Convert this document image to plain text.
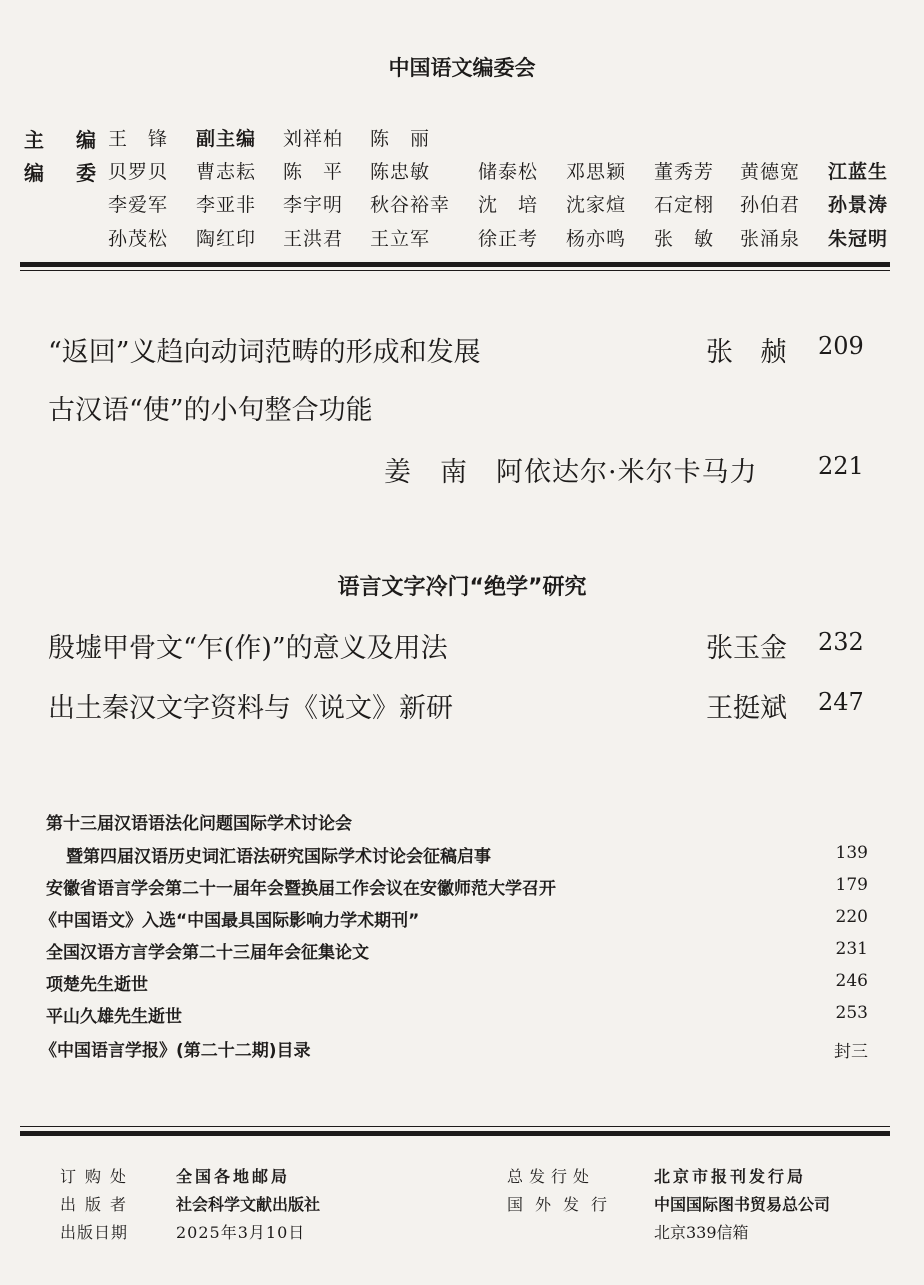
中国语文编委会
主　编 王　锋 副主编 刘祥柏 陈　丽
编　委 贝罗贝 曹志耘 陈　平 陈忠敏	储泰松 邓思颖 董秀芳 黄德宽 江蓝生
李爱军 李亚非 李宇明 秋谷裕幸 沈　培 沈家煊 石定栩 孙伯君 孙景涛
孙茂松 陶红印 王洪君 王立军	徐正考 杨亦鸣 张　敏 张涌泉 朱冠明
“返回”义趋向动词范畴的形成和发展	张　赪 209
古汉语“使”的小句整合功能
姜　南　阿依达尔·米尔卡马力	221
语言文字冷门“绝学”研究
殷墟甲骨文“乍(作)”的意义及用法	张玉金 232
出土秦汉文字资料与《说文》新研	王挺斌 247
第十三届汉语语法化问题国际学术讨论会
暨第四届汉语历史词汇语法研究国际学术讨论会征稿启事	139
安徽省语言学会第二十一届年会暨换届工作会议在安徽师范大学召开	179
《中国语文》入选“中国最具国际影响力学术期刊”	220
全国汉语方言学会第二十三届年会征集论文	231
项楚先生逝世	246
平山久雄先生逝世	253
《中国语言学报》(第二十二期)目录	封三
订购处	全国各地邮局
出版者	社会科学文献出版社
出版日期	2025年3月10日
总发行处	北京市报刊发行局
国外发行 中国国际图书贸易总公司
北京339信箱
